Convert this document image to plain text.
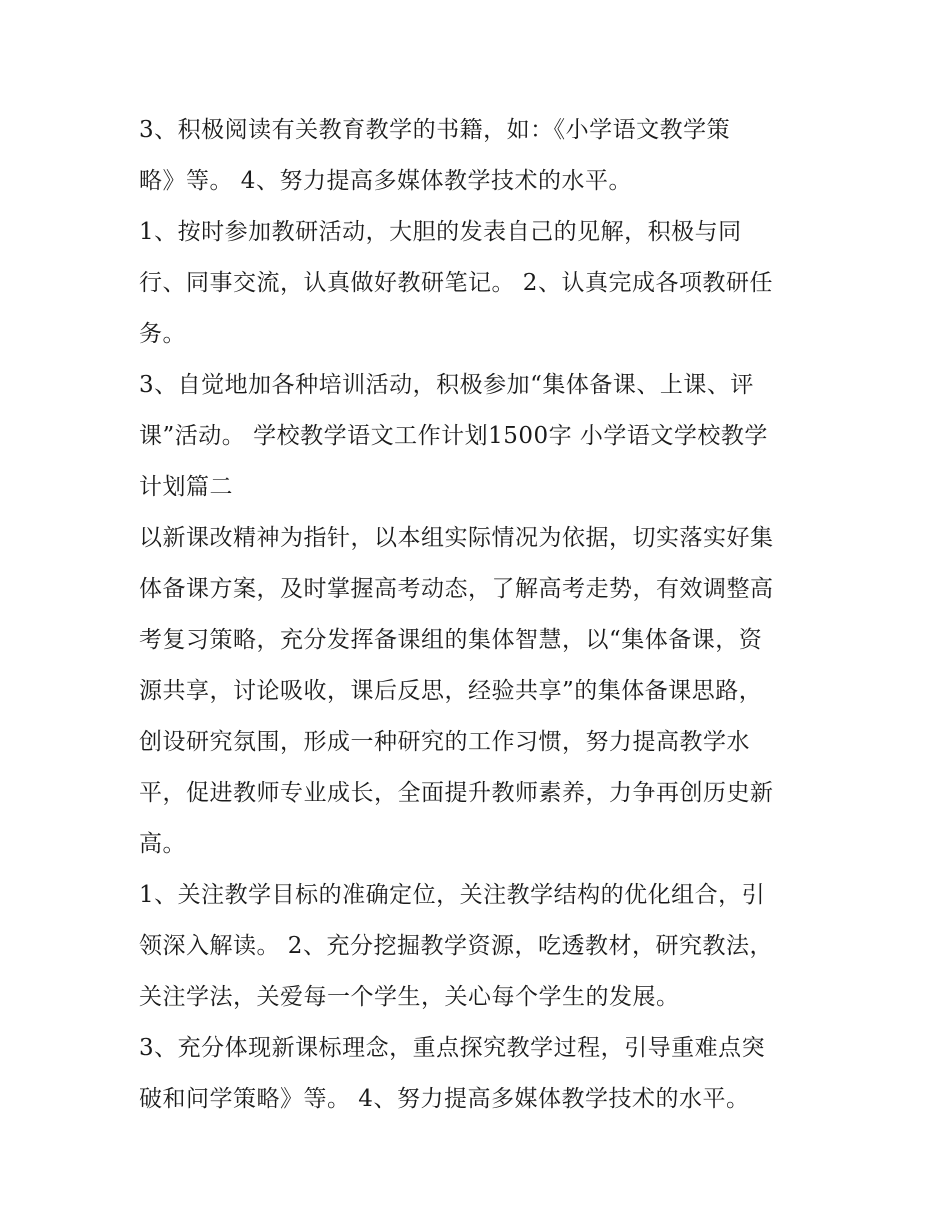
3、积极阅读有关教育教学的书籍，如：《小学语文教学策
略》等。 4、努力提高多媒体教学技术的水平。
1、按时参加教研活动，大胆的发表自己的见解，积极与同
行、同事交流，认真做好教研笔记。 2、认真完成各项教研任
务。
3、自觉地加各种培训活动，积极参加“集体备课、上课、评
课”活动。 学校教学语文工作计划1500字 小学语文学校教学
计划篇二
以新课改精神为指针，以本组实际情况为依据，切实落实好集
体备课方案，及时掌握高考动态，了解高考走势，有效调整高
考复习策略，充分发挥备课组的集体智慧，以“集体备课，资
源共享，讨论吸收，课后反思，经验共享”的集体备课思路，
创设研究氛围，形成一种研究的工作习惯，努力提高教学水
平，促进教师专业成长，全面提升教师素养，力争再创历史新
高。
1、关注教学目标的准确定位，关注教学结构的优化组合，引
领深入解读。 2、充分挖掘教学资源，吃透教材，研究教法，
关注学法，关爱每一个学生，关心每个学生的发展。
3、充分体现新课标理念，重点探究教学过程，引导重难点突
破和问学策略》等。 4、努力提高多媒体教学技术的水平。
